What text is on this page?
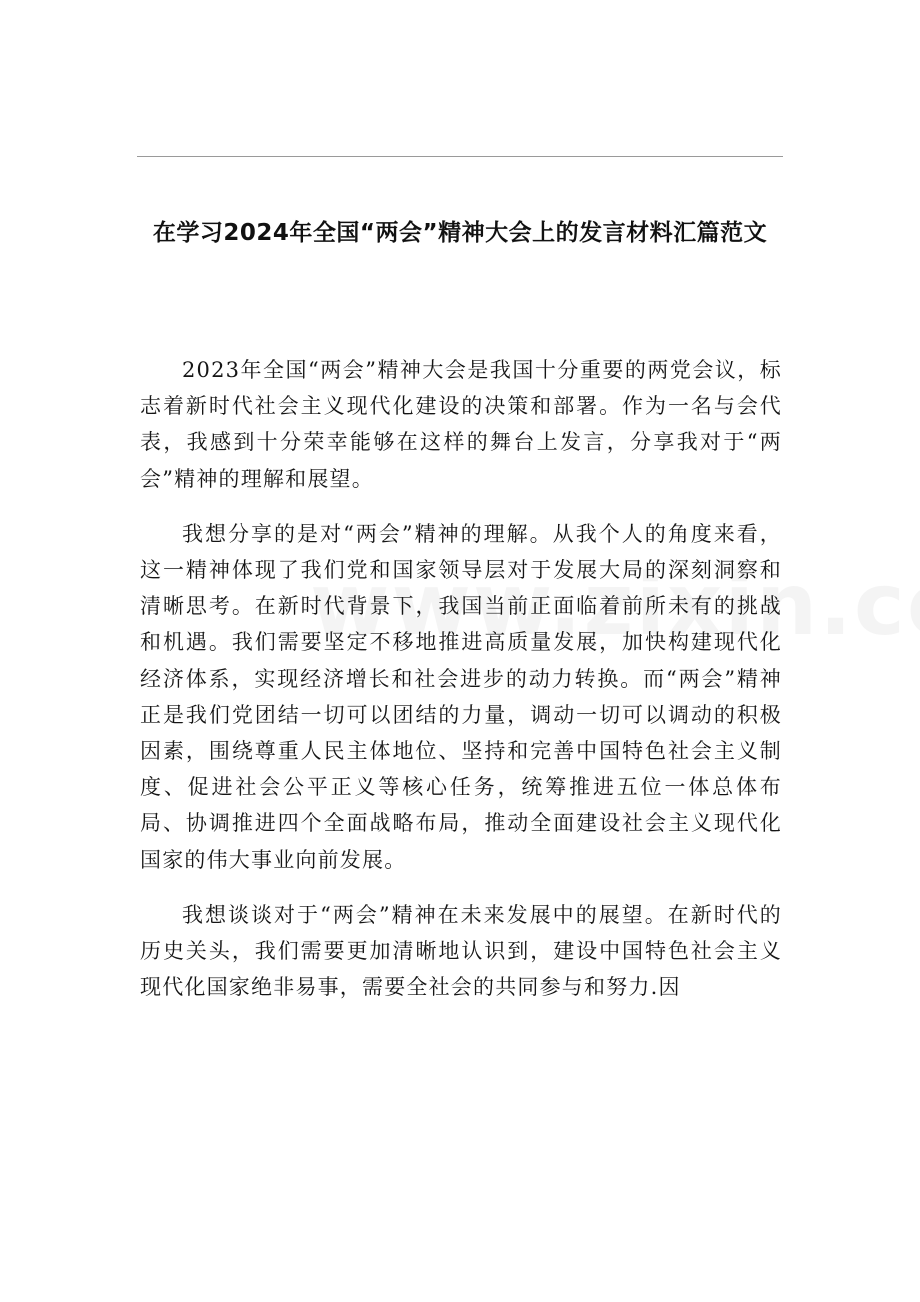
在学习2024年全国“两会”精神大会上的发言材料汇篇范文

2023年全国“两会”精神大会是我国十分重要的两党会议，标志着新时代社会主义现代化建设的决策和部署。作为一名与会代表，我感到十分荣幸能够在这样的舞台上发言，分享我对于“两会”精神的理解和展望。

我想分享的是对“两会”精神的理解。从我个人的角度来看，这一精神体现了我们党和国家领导层对于发展大局的深刻洞察和清晰思考。在新时代背景下，我国当前正面临着前所未有的挑战和机遇。我们需要坚定不移地推进高质量发展，加快构建现代化经济体系，实现经济增长和社会进步的动力转换。而“两会”精神正是我们党团结一切可以团结的力量，调动一切可以调动的积极因素，围绕尊重人民主体地位、坚持和完善中国特色社会主义制度、促进社会公平正义等核心任务，统筹推进五位一体总体布局、协调推进四个全面战略布局，推动全面建设社会主义现代化国家的伟大事业向前发展。

我想谈谈对于“两会”精神在未来发展中的展望。在新时代的历史关头，我们需要更加清晰地认识到，建设中国特色社会主义现代化国家绝非易事，需要全社会的共同参与和努力.因
